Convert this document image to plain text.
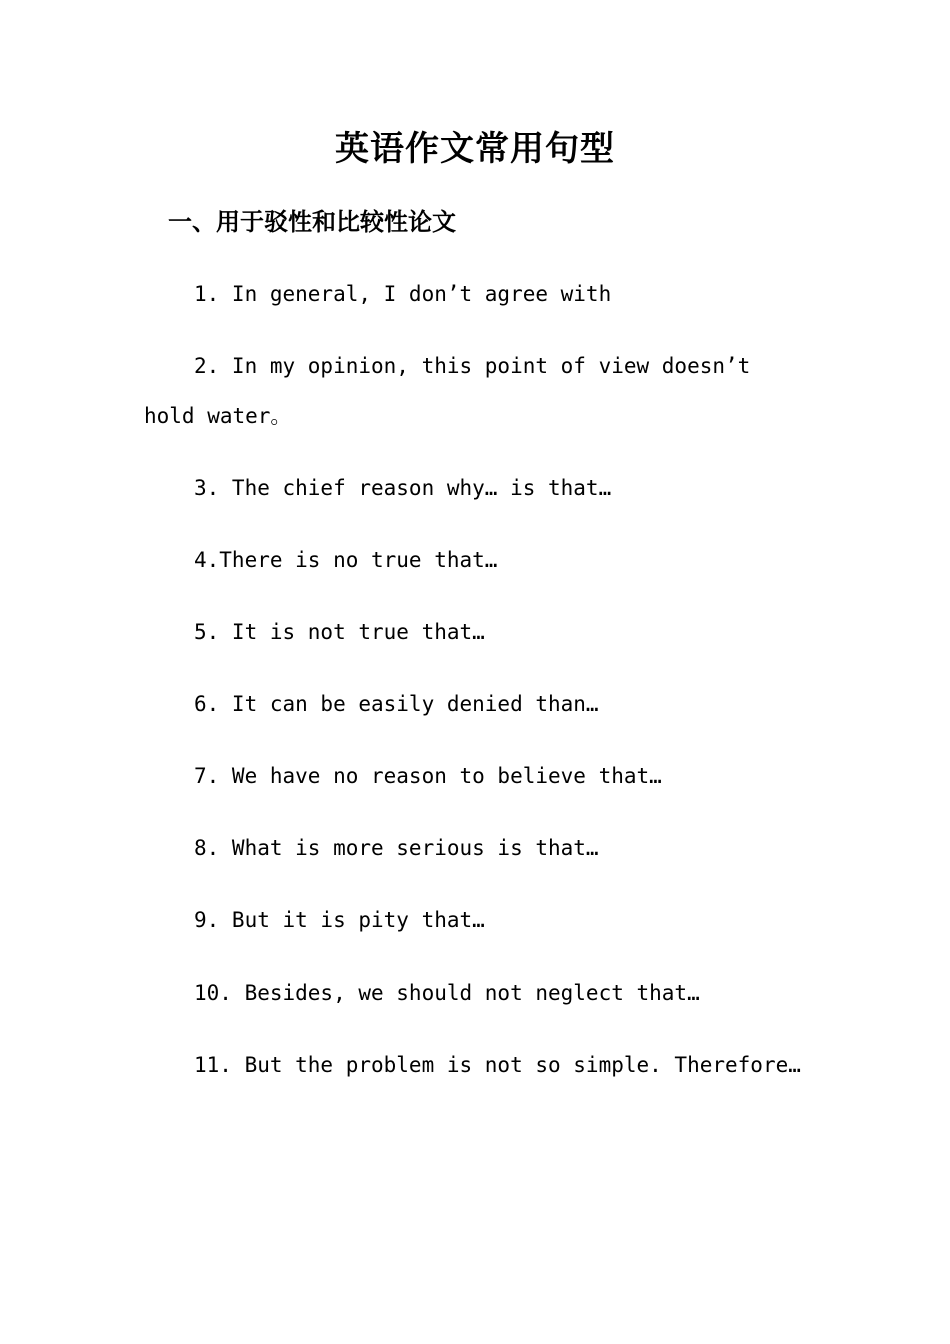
英语作文常用句型
一、用于驳性和比较性论文
1. In general, I don’t agree with
2. In my opinion, this point of view doesn’t hold water。
3. The chief reason why… is that…
4.There is no true that…
5. It is not true that…
6. It can be easily denied than…
7. We have no reason to believe that…
8. What is more serious is that…
9. But it is pity that…
10. Besides, we should not neglect that…
11. But the problem is not so simple. Therefore…
